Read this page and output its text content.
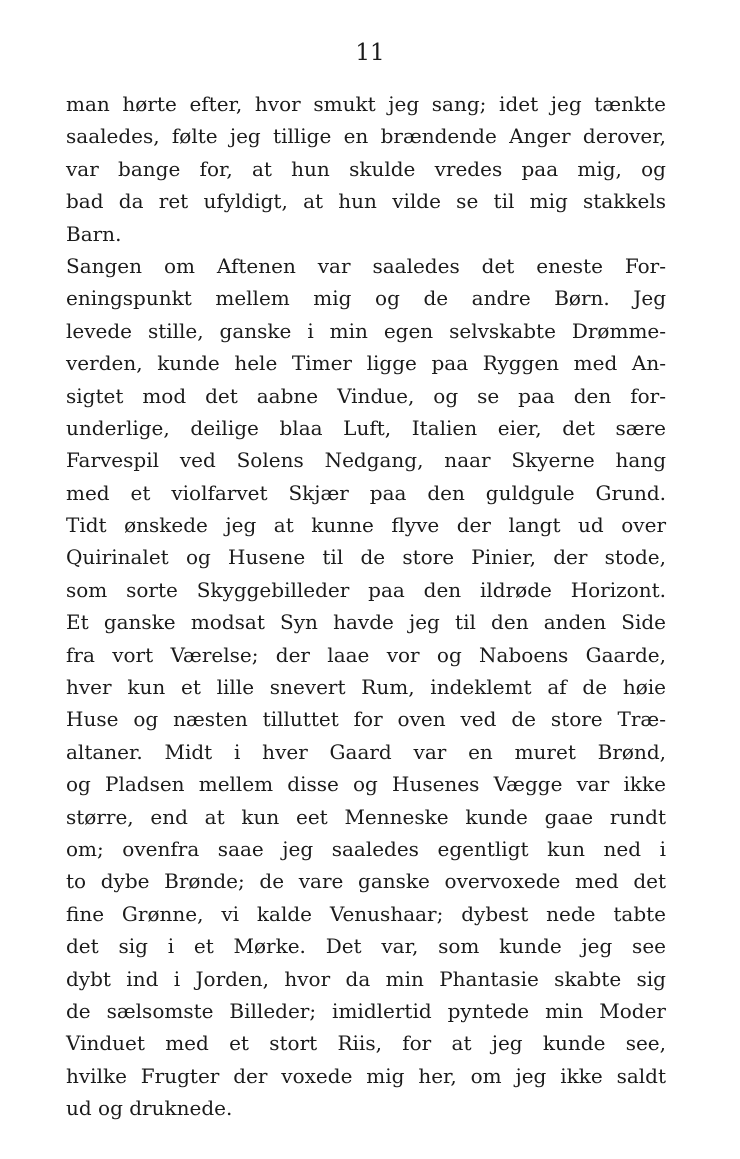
11
man hørte efter, hvor smukt jeg sang; idet jeg tænkte
saaledes, følte jeg tillige en brændende Anger derover,
var bange for, at hun skulde vredes paa mig, og
bad da ret ufyldigt, at hun vilde se til mig stakkels
Barn.
Sangen om Aftenen var saaledes det eneste For-
eningspunkt mellem mig og de andre Børn. Jeg
levede stille, ganske i min egen selvskabte Drømme-
verden, kunde hele Timer ligge paa Ryggen med An-
sigtet mod det aabne Vindue, og se paa den for-
underlige, deilige blaa Luft, Italien eier, det sære
Farvespil ved Solens Nedgang, naar Skyerne hang
med et violfarvet Skjær paa den guldgule Grund.
Tidt ønskede jeg at kunne flyve der langt ud over
Quirinalet og Husene til de store Pinier, der stode,
som sorte Skyggebilleder paa den ildrøde Horizont.
Et ganske modsat Syn havde jeg til den anden Side
fra vort Værelse; der laae vor og Naboens Gaarde,
hver kun et lille snevert Rum, indeklemt af de høie
Huse og næsten tilluttet for oven ved de store Træ-
altaner. Midt i hver Gaard var en muret Brønd,
og Pladsen mellem disse og Husenes Vægge var ikke
større, end at kun eet Menneske kunde gaae rundt
om; ovenfra saae jeg saaledes egentligt kun ned i
to dybe Brønde; de vare ganske overvoxede med det
fine Grønne, vi kalde Venushaar; dybest nede tabte
det sig i et Mørke. Det var, som kunde jeg see
dybt ind i Jorden, hvor da min Phantasie skabte sig
de sælsomste Billeder; imidlertid pyntede min Moder
Vinduet med et stort Riis, for at jeg kunde see,
hvilke Frugter der voxede mig her, om jeg ikke saldt
ud og druknede.
